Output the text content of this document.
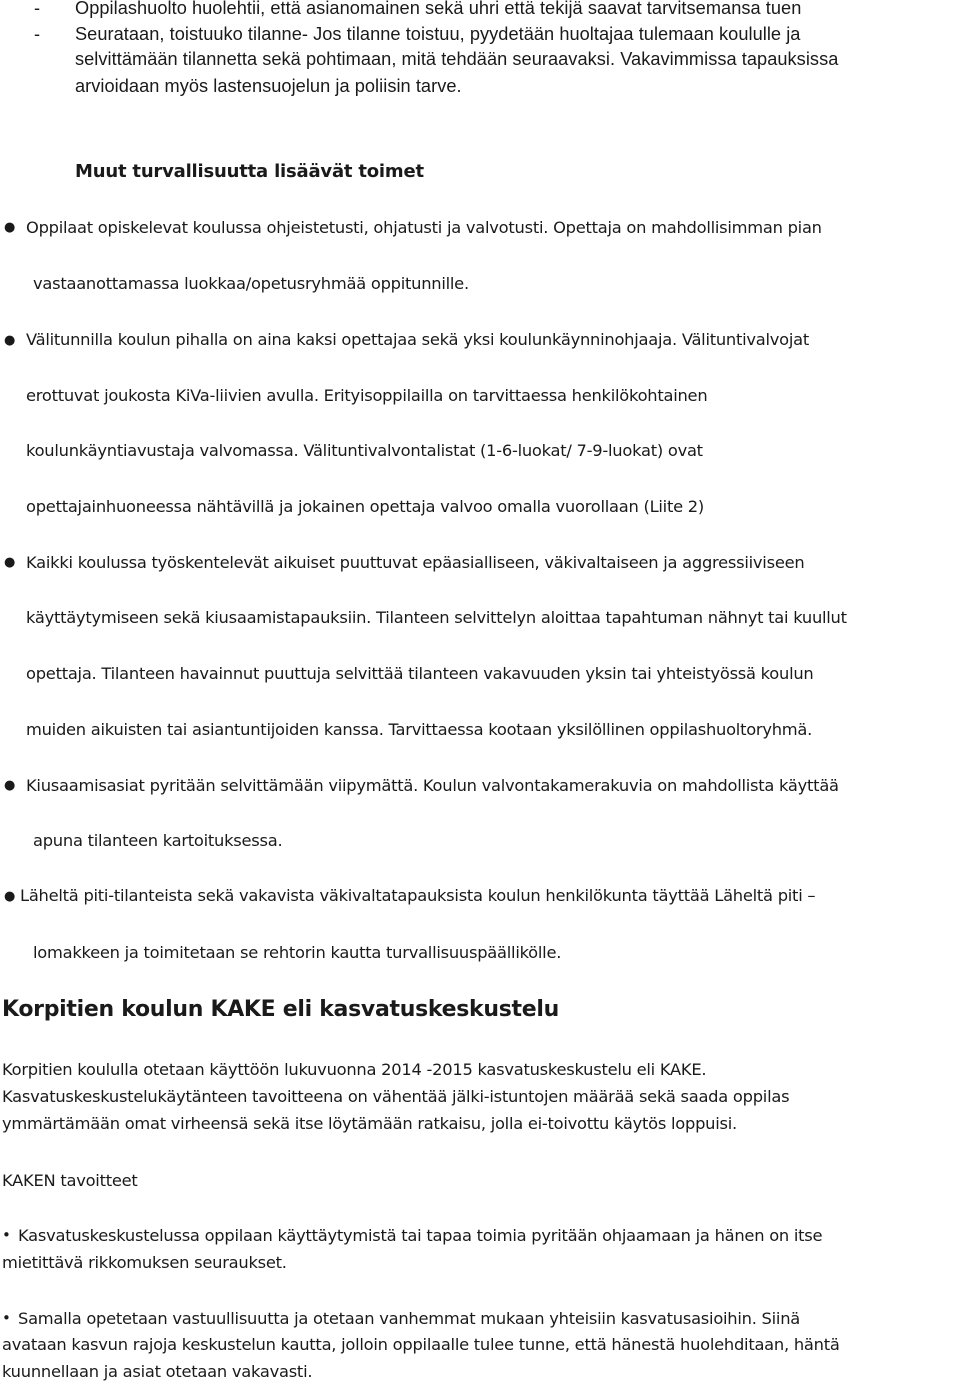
- Oppilashuolto huolehtii, että asianomainen sekä uhri että tekijä saavat tarvitsemansa tuen
- Seurataan, toistuuko tilanne- Jos tilanne toistuu, pyydetään huoltajaa tulemaan koululle ja
selvittämään tilannetta sekä pohtimaan, mitä tehdään seuraavaksi. Vakavimmissa tapauksissa
arvioidaan myös lastensuojelun ja poliisin tarve.
Muut turvallisuutta lisäävät toimet
● Oppilaat opiskelevat koulussa ohjeistetusti, ohjatusti ja valvotusti. Opettaja on mahdollisimman pian
vastaanottamassa luokkaa/opetusryhmää oppitunnille.
● Välitunnilla koulun pihalla on aina kaksi opettajaa sekä yksi koulunkäynninohjaaja. Välituntivalvojat
erottuvat joukosta KiVa-liivien avulla. Erityisoppilailla on tarvittaessa henkilökohtainen
koulunkäyntiavustaja valvomassa. Välituntivalvontalistat (1-6-luokat/ 7-9-luokat) ovat
opettajainhuoneessa nähtävillä ja jokainen opettaja valvoo omalla vuorollaan (Liite 2)
● Kaikki koulussa työskentelevät aikuiset puuttuvat epäasialliseen, väkivaltaiseen ja aggressiiviseen
käyttäytymiseen sekä kiusaamistapauksiin. Tilanteen selvittelyn aloittaa tapahtuman nähnyt tai kuullut
opettaja. Tilanteen havainnut puuttuja selvittää tilanteen vakavuuden yksin tai yhteistyössä koulun
muiden aikuisten tai asiantuntijoiden kanssa. Tarvittaessa kootaan yksilöllinen oppilashuoltoryhmä.
● Kiusaamisasiat pyritään selvittämään viipymättä. Koulun valvontakamerakuvia on mahdollista käyttää
apuna tilanteen kartoituksessa.
● Läheltä piti-tilanteista sekä vakavista väkivaltatapauksista koulun henkilökunta täyttää Läheltä piti –
lomakkeen ja toimitetaan se rehtorin kautta turvallisuuspäällikölle.
Korpitien koulun KAKE eli kasvatuskeskustelu
Korpitien koululla otetaan käyttöön lukuvuonna 2014 -2015 kasvatuskeskustelu eli KAKE.
Kasvatuskeskustelukäytänteen tavoitteena on vähentää jälki-istuntojen määrää sekä saada oppilas
ymmärtämään omat virheensä sekä itse löytämään ratkaisu, jolla ei-toivottu käytös loppuisi.
KAKEN tavoitteet
• Kasvatuskeskustelussa oppilaan käyttäytymistä tai tapaa toimia pyritään ohjaamaan ja hänen on itse
mietittävä rikkomuksen seuraukset.
• Samalla opetetaan vastuullisuutta ja otetaan vanhemmat mukaan yhteisiin kasvatusasioihin. Siinä
avataan kasvun rajoja keskustelun kautta, jolloin oppilaalle tulee tunne, että hänestä huolehditaan, häntä
kuunnellaan ja asiat otetaan vakavasti.
